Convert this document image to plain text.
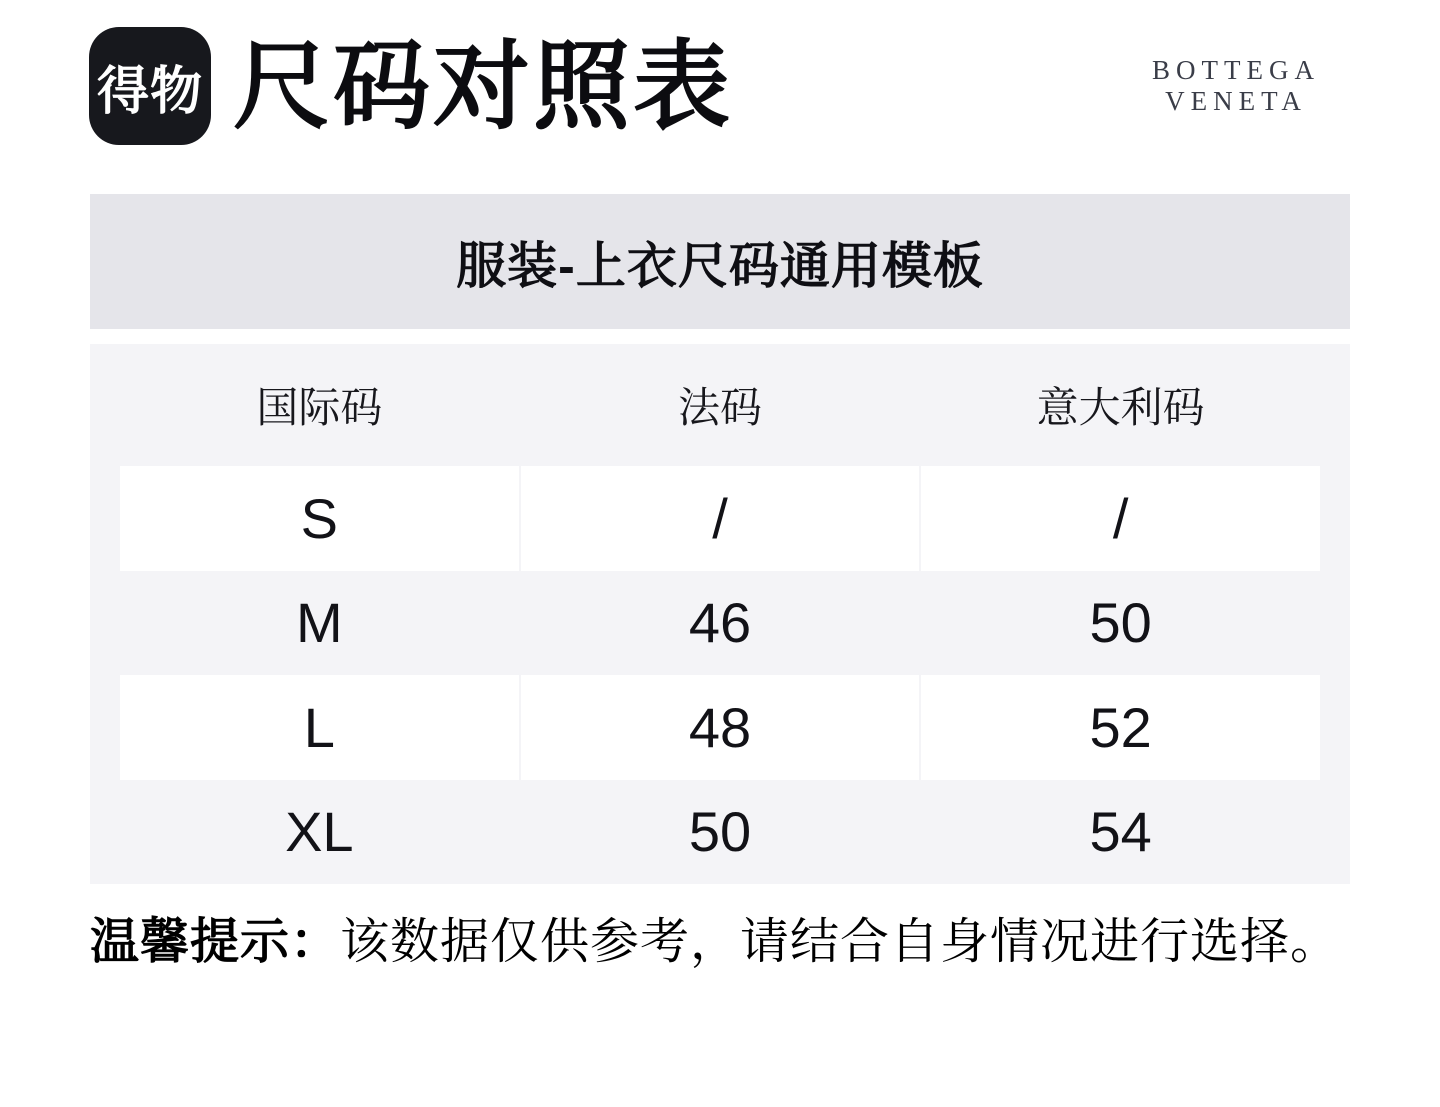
得物 尺码对照表	BOTTEGA
VENETA
服装-上衣尺码通用模板
国际码	法码	意大利码
S	/	/
M	46	50
L	48	52
XL	50	54
温馨提示：该数据仅供参考，请结合自身情况进行选择。
